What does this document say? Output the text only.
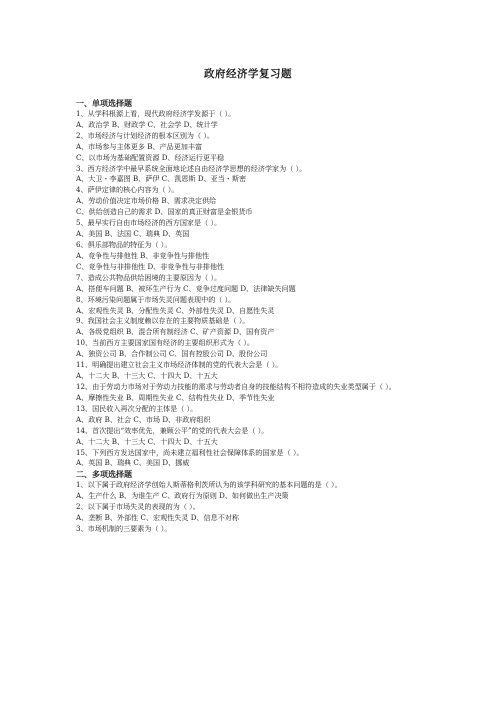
政府经济学复习题
一、单项选择题
1、从学科根源上看，现代政府经济学发源于（ ）。
A、政治学 B、财政学 C、社会学 D、统计学
2、市场经济与计划经济的根本区别为（ ）。
A、市场参与主体更多 B、产品更加丰富
C、以市场为基础配置资源 D、经济运行更平稳
3、西方经济学中最早系统全面地论述自由经济学思想的经济学家为（ ）。
A、大卫・李嘉图 B、萨伊 C、凯恩斯 D、亚当・斯密
4、萨伊定律的核心内容为（ ）。
A、劳动价值决定市场价格 B、需求决定供给
C、供给创造自己的需求 D、国家的真正财富是金银货币
5、最早实行自由市场经济的西方国家是（ ）。
A、美国 B、法国 C、瑞典 D、英国
6、俱乐部物品的特征为（ ）。
A、竞争性与排他性 B、非竞争性与排他性
C、竞争性与非排他性 D、非竞争性与非排他性
7、造成公共物品供给困境的主要原因为（ ）。
A、搭便车问题 B、被环生产行为 C、竞争过度问题 D、法律缺失问题
8、环境污染问题属于市场失灵问题表现中的（ ）。
A、宏观性失灵 B、分配性失灵 C、外部性失灵 D、自愿性失灵
9、我国社会主义制度赖以存在的主要物质基础是（ ）。
A、各级党组织 B、混合所有制经济 C、矿产资源 D、国有资产
10、当前西方主要国家国有经济的主要组织形式为（ ）。
A、独资公司 B、合作制公司 C、国有控股公司 D、股份公司
11、明确提出建立社会主义市场经济体制的党的代表大会是（ ）。
A、十二大 B、十三大 C、十四大 D、十五大
12、由于劳动力市场对于劳动力技能的需求与劳动者自身的技能结构不相符造成的失业类型属于（ ）。
A、摩擦性失业 B、周期性失业 C、结构性失业 D、季节性失业
13、国民收入再次分配的主体是（ ）。
A、政府 B、社会 C、市场 D、非政府组织
14、首次提出“效率优先，兼顾公平”的党的代表大会是（ ）。
A、十二大 B、十三大 C、十四大 D、十五大
15、下列西方发达国家中，尚未建立福利性社会保障体系的国家是（ ）。
A、英国 B、瑞典 C、美国 D、挪威
二、多项选择题
1、以下属于政府经济学创始人斯蒂格利茨所认为的该学科研究的基本问题的是（ ）。
A、生产什么 B、为谁生产 C、政府行为原则 D、如何做出生产决策
2、以下属于市场失灵的表现的为（ ）。
A、垄断 B、外部性 C、宏观性失灵 D、信息不对称
3、市场机制的三要素为（ ）。
